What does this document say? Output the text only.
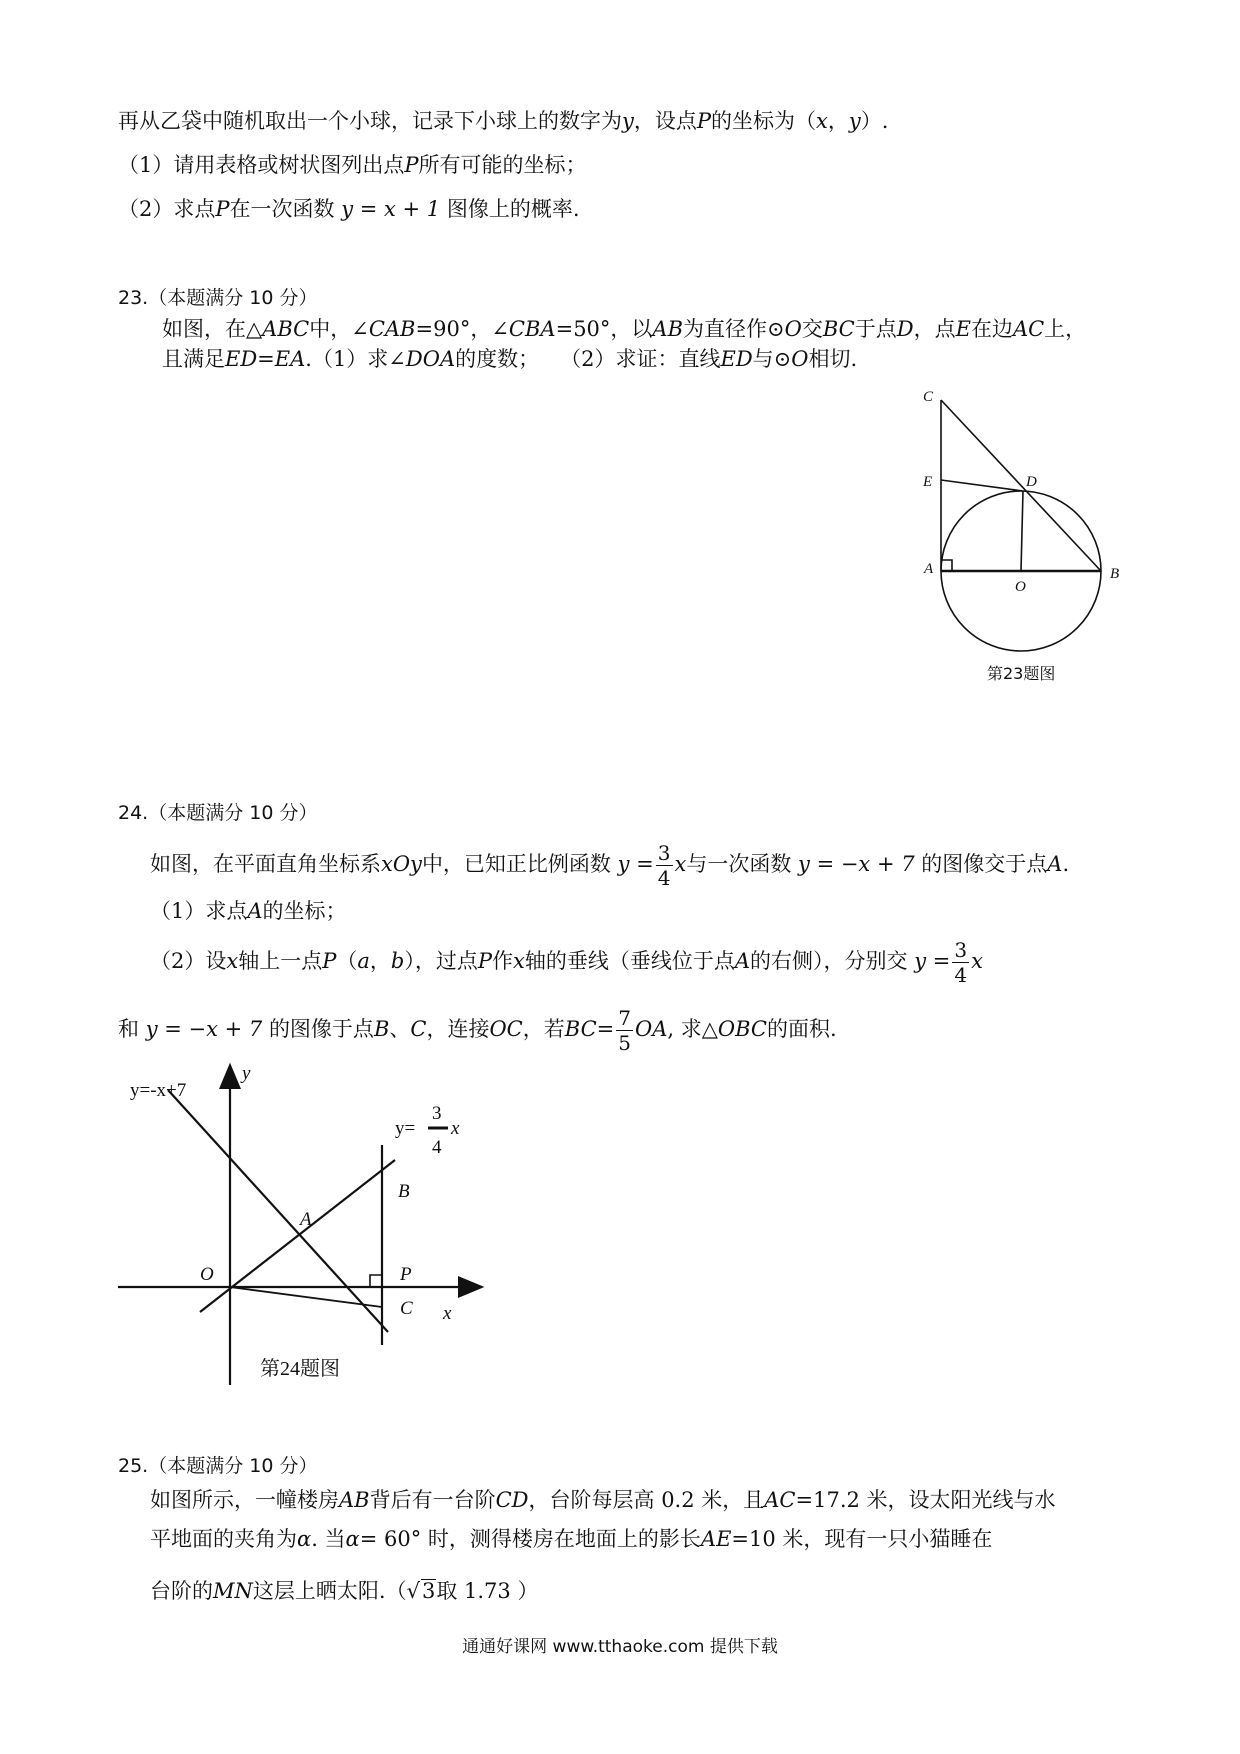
再从乙袋中随机取出一个小球，记录下小球上的数字为y，设点P的坐标为（x，y）.
（1）请用表格或树状图列出点P所有可能的坐标；
（2）求点P在一次函数 y = x + 1 图像上的概率.
23.（本题满分 10 分）
如图，在△ABC中，∠CAB=90°，∠CBA=50°，以AB为直径作⊙O交BC于点D，点E在边AC上，
且满足ED=EA.（1）求∠DOA的度数；　　（2）求证：直线ED与⊙O相切.
C
E	D
A
O
B
第23题图
24.（本题满分 10 分）
如图，在平面直角坐标系xOy中，已知正比例函数 $y = \frac{3}{4}$ x与一次函数 y = −x + 7 的图像交于点A.
（1）求点A的坐标；
（2）设x轴上一点P（a，b），过点P作x轴的垂线（垂线位于点A的右侧），分别交 $y = \frac{3}{4}$ x
和 y = −x + 7 的图像于点B、C，连接OC，若$BC= \frac{7}{5}$ OA, 求△OBC的面积.
y
x
y=-x+7
y=
3
4
x
A
B
O	P
C
第24题图
25.（本题满分 10 分）
如图所示，一幢楼房AB背后有一台阶CD，台阶每层高 0.2 米，且AC=17.2 米，设太阳光线与水
平地面的夹角为α. 当α= 60° 时，测得楼房在地面上的影长AE=10 米，现有一只小猫睡在
台阶的MN这层上晒太阳.（√3取 1.73 ）
通通好课网 www.tthaoke.com 提供下载
